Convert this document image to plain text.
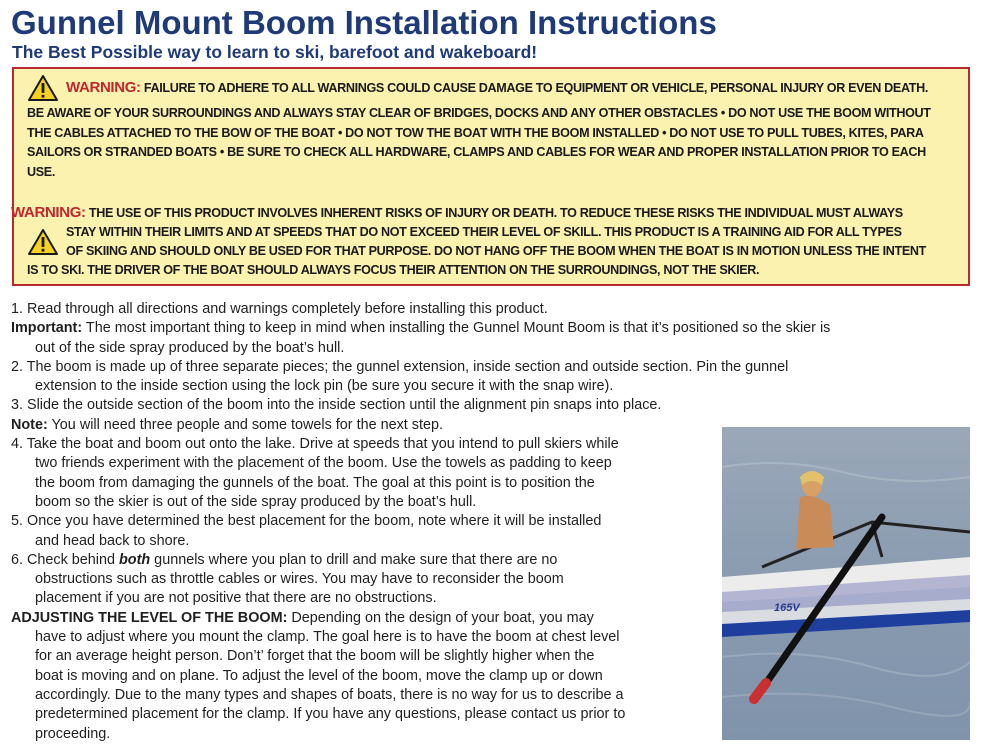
Gunnel Mount Boom Installation Instructions
The Best Possible way to learn to ski, barefoot and wakeboard!
WARNING: FAILURE TO ADHERE TO ALL WARNINGS COULD CAUSE DAMAGE TO EQUIPMENT OR VEHICLE, PERSONAL INJURY OR EVEN DEATH.
BE AWARE OF YOUR SURROUNDINGS AND ALWAYS STAY CLEAR OF BRIDGES, DOCKS AND ANY OTHER OBSTACLES • DO NOT USE THE BOOM WITHOUT
THE CABLES ATTACHED TO THE BOW OF THE BOAT • DO NOT TOW THE BOAT WITH THE BOOM INSTALLED • DO NOT USE TO PULL TUBES, KITES, PARA
SAILORS OR STRANDED BOATS • BE SURE TO CHECK ALL HARDWARE, CLAMPS AND CABLES FOR WEAR AND PROPER INSTALLATION PRIOR TO EACH
USE.
WARNING: THE USE OF THIS PRODUCT INVOLVES INHERENT RISKS OF INJURY OR DEATH. TO REDUCE THESE RISKS THE INDIVIDUAL MUST ALWAYS
STAY WITHIN THEIR LIMITS AND AT SPEEDS THAT DO NOT EXCEED THEIR LEVEL OF SKILL. THIS PRODUCT IS A TRAINING AID FOR ALL TYPES
OF SKIING AND SHOULD ONLY BE USED FOR THAT PURPOSE. DO NOT HANG OFF THE BOOM WHEN THE BOAT IS IN MOTION UNLESS THE INTENT
IS TO SKI. THE DRIVER OF THE BOAT SHOULD ALWAYS FOCUS THEIR ATTENTION ON THE SURROUNDINGS, NOT THE SKIER.
1. Read through all directions and warnings completely before installing this product.
Important: The most important thing to keep in mind when installing the Gunnel Mount Boom is that it’s positioned so the skier is
out of the side spray produced by the boat’s hull.
2. The boom is made up of three separate pieces; the gunnel extension, inside section and outside section. Pin the gunnel
extension to the inside section using the lock pin (be sure you secure it with the snap wire).
3. Slide the outside section of the boom into the inside section until the alignment pin snaps into place.
Note: You will need three people and some towels for the next step.
4. Take the boat and boom out onto the lake. Drive at speeds that you intend to pull skiers while
two friends experiment with the placement of the boom. Use the towels as padding to keep
the boom from damaging the gunnels of the boat. The goal at this point is to position the
boom so the skier is out of the side spray produced by the boat’s hull.
5. Once you have determined the best placement for the boom, note where it will be installed
and head back to shore.
6. Check behind both gunnels where you plan to drill and make sure that there are no
obstructions such as throttle cables or wires. You may have to reconsider the boom
placement if you are not positive that there are no obstructions.
ADJUSTING THE LEVEL OF THE BOOM: Depending on the design of your boat, you may
have to adjust where you mount the clamp. The goal here is to have the boom at chest level
for an average height person. Don’t’ forget that the boom will be slightly higher when the
boat is moving and on plane. To adjust the level of the boom, move the clamp up or down
accordingly. Due to the many types and shapes of boats, there is no way for us to describe a
predetermined placement for the clamp. If you have any questions, please contact us prior to
proceeding.
165V
